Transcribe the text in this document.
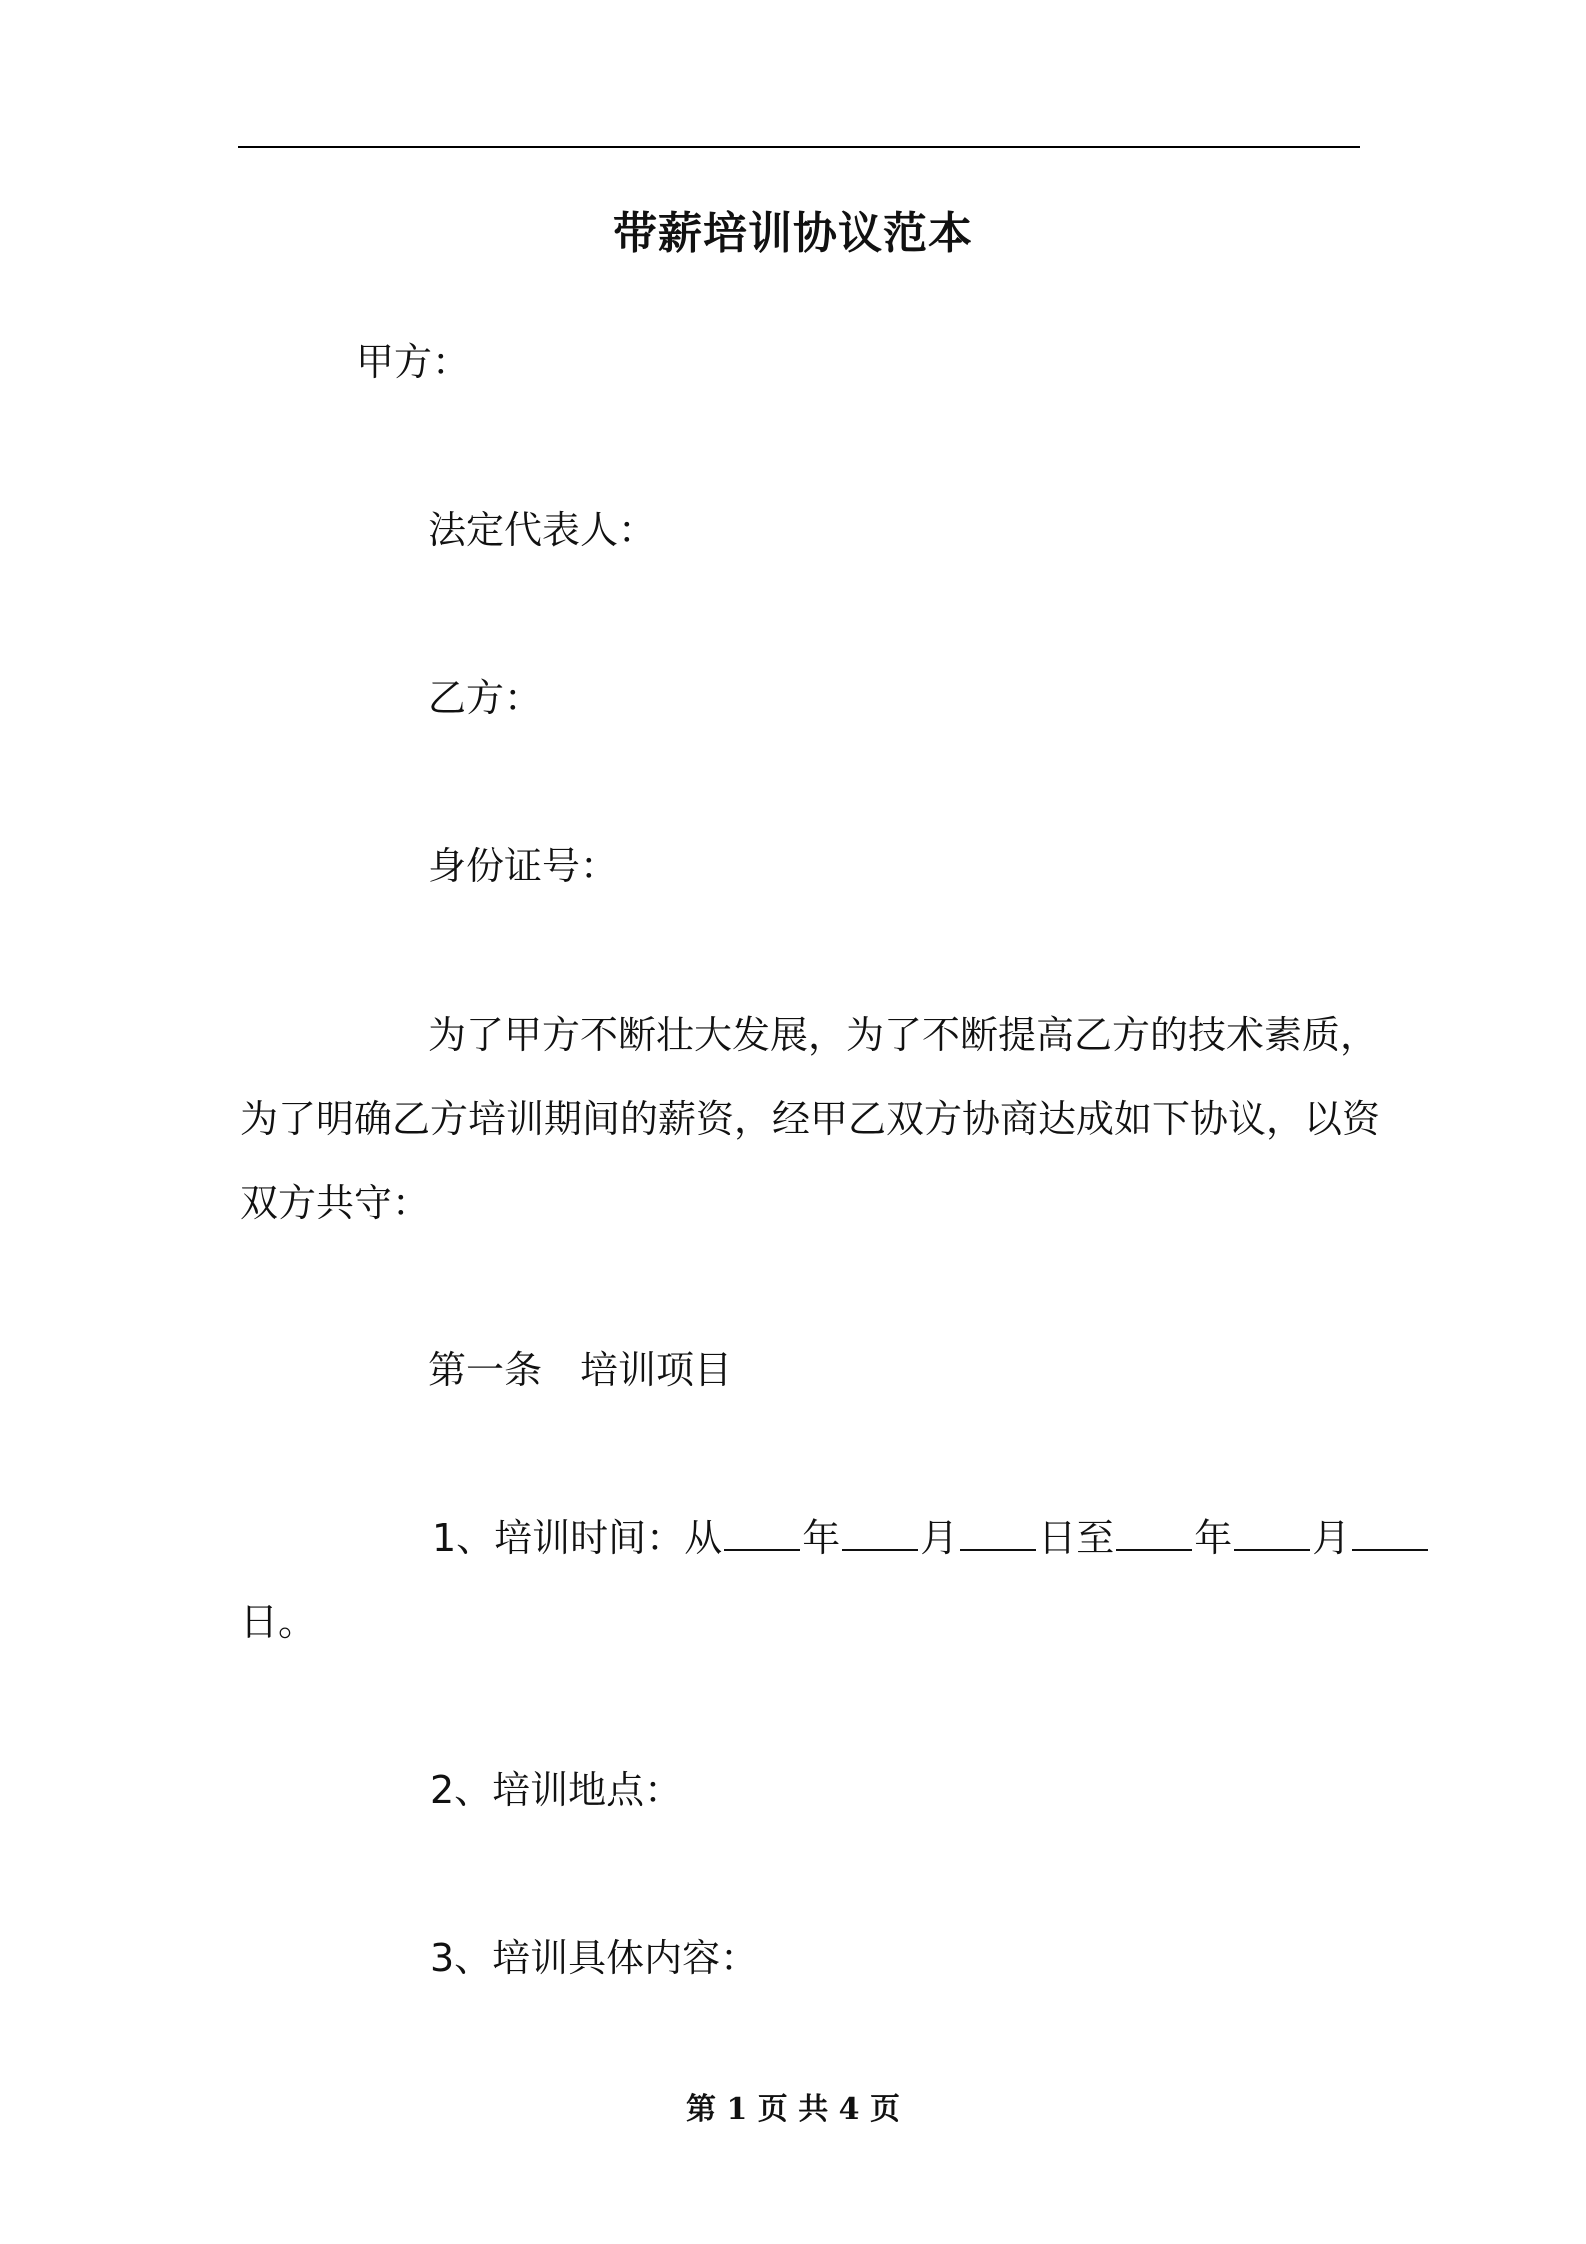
带薪培训协议范本
甲方：
法定代表人：
乙方：
身份证号：

为了甲方不断壮大发展，为了不断提高乙方的技术素质，

为了明确乙方培训期间的薪资，经甲乙双方协商达成如下协议，以资

双方共守：

第一条　培训项目

1、培训时间：从 年 月 日至 年 月

日。

2、培训地点：
3、培训具体内容：
第 1 页 共 4 页
